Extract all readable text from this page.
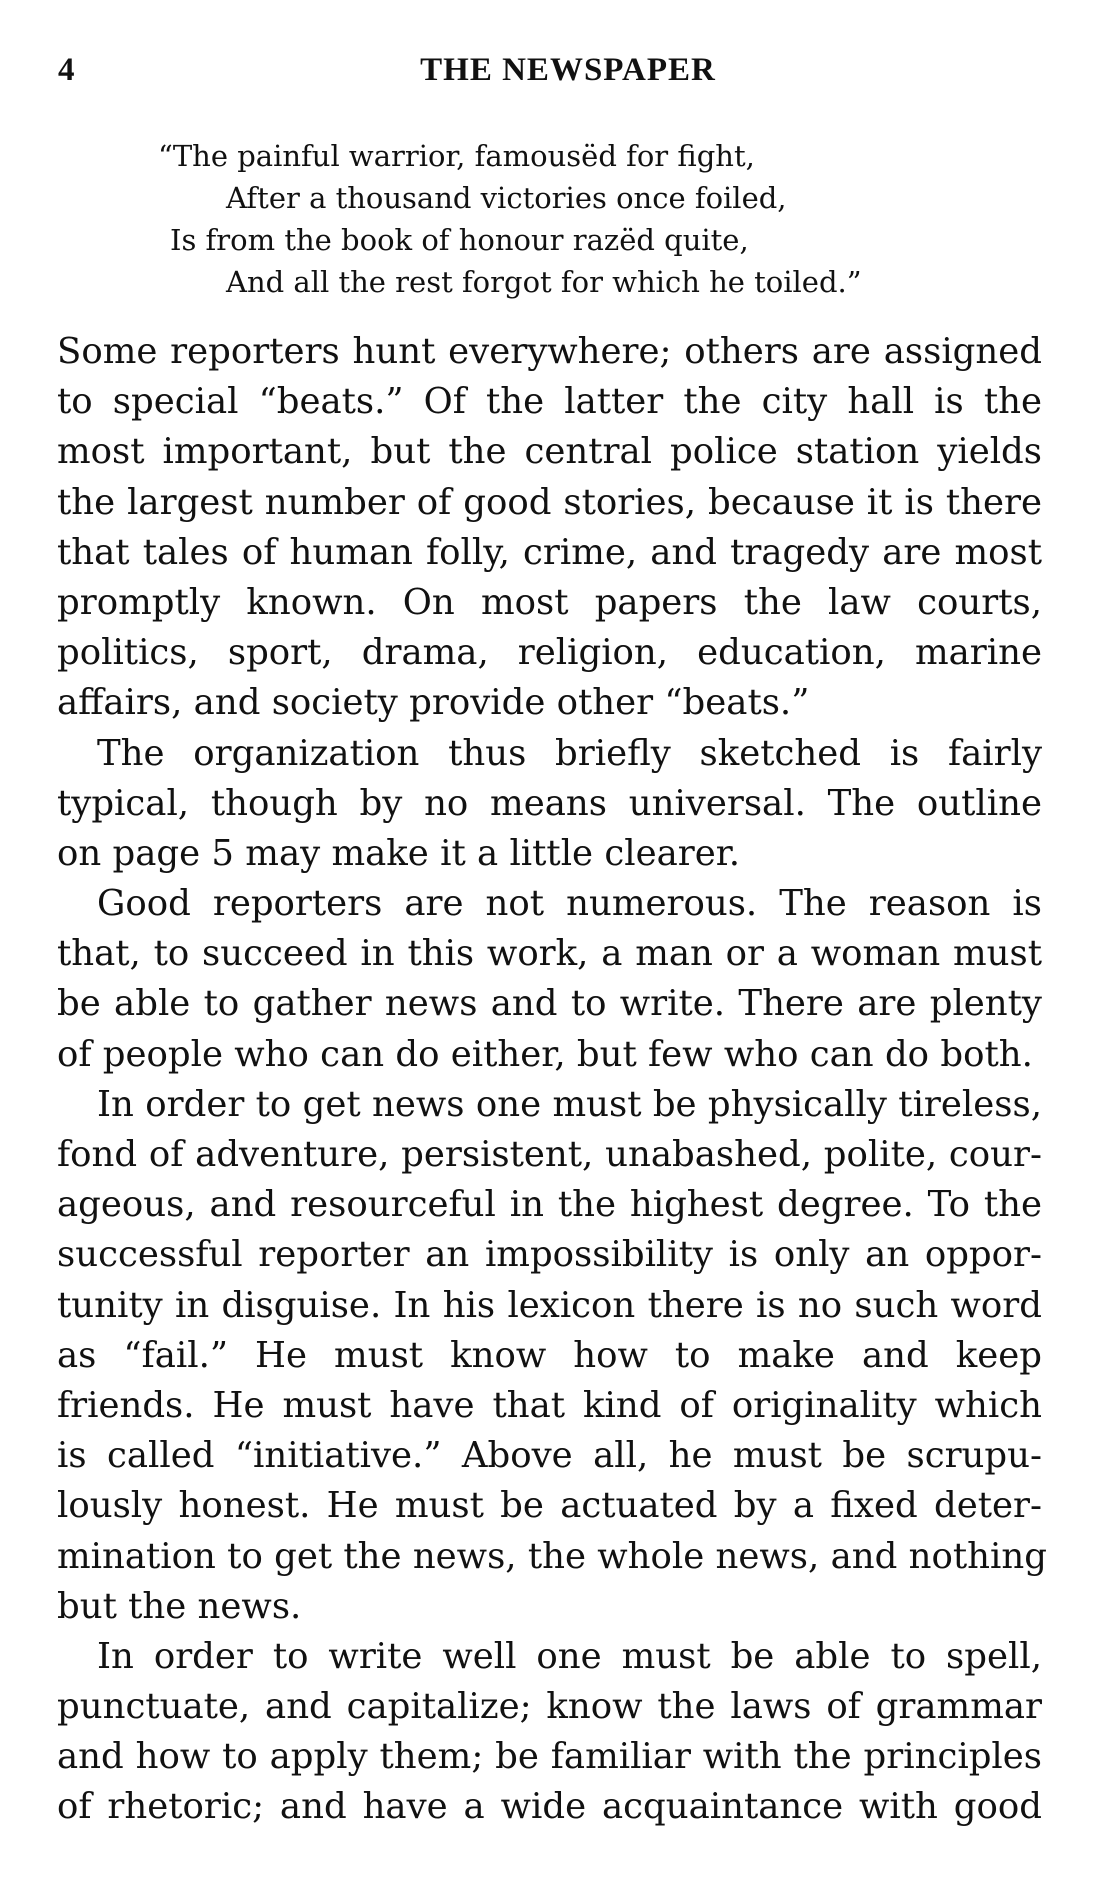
4	THE NEWSPAPER
“The painful warrior, famousëd for fight,
After a thousand victories once foiled,
Is from the book of honour razëd quite,
And all the rest forgot for which he toiled.”
Some reporters hunt everywhere; others are assigned
to special “beats.” Of the latter the city hall is the
most important, but the central police station yields
the largest number of good stories, because it is there
that tales of human folly, crime, and tragedy are most
promptly known. On most papers the law courts,
politics, sport, drama, religion, education, marine
affairs, and society provide other “beats.”
The organization thus briefly sketched is fairly
typical, though by no means universal. The outline
on page 5 may make it a little clearer.
Good reporters are not numerous. The reason is
that, to succeed in this work, a man or a woman must
be able to gather news and to write. There are plenty
of people who can do either, but few who can do both.
In order to get news one must be physically tireless,
fond of adventure, persistent, unabashed, polite, cour-
ageous, and resourceful in the highest degree. To the
successful reporter an impossibility is only an oppor-
tunity in disguise. In his lexicon there is no such word
as “fail.” He must know how to make and keep
friends. He must have that kind of originality which
is called “initiative.” Above all, he must be scrupu-
lously honest. He must be actuated by a fixed deter-
mination to get the news, the whole news, and nothing
but the news.
In order to write well one must be able to spell,
punctuate, and capitalize; know the laws of grammar
and how to apply them; be familiar with the principles
of rhetoric; and have a wide acquaintance with good
